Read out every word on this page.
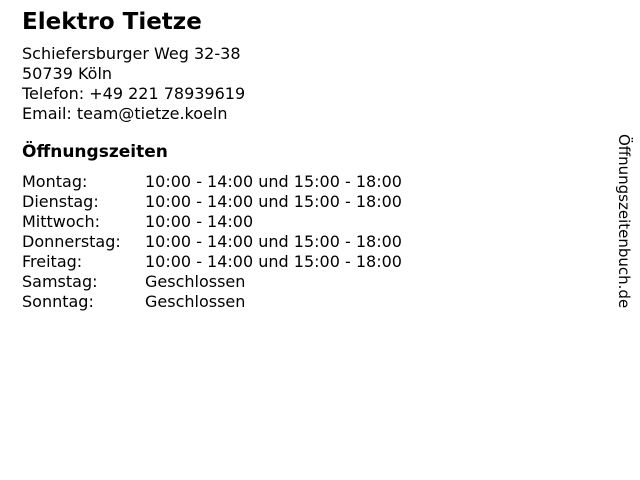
Elektro Tietze
Schiefersburger Weg 32-38
50739 Köln
Telefon: +49 221 78939619
Email: team@tietze.koeln
Öffnungszeiten
Montag:	10:00 - 14:00 und 15:00 - 18:00
Dienstag:	10:00 - 14:00 und 15:00 - 18:00
Mittwoch:	10:00 - 14:00
Donnerstag:	10:00 - 14:00 und 15:00 - 18:00
Freitag:	10:00 - 14:00 und 15:00 - 18:00
Samstag:	Geschlossen
Sonntag:	Geschlossen	Öffnungszeitenbuch.de
